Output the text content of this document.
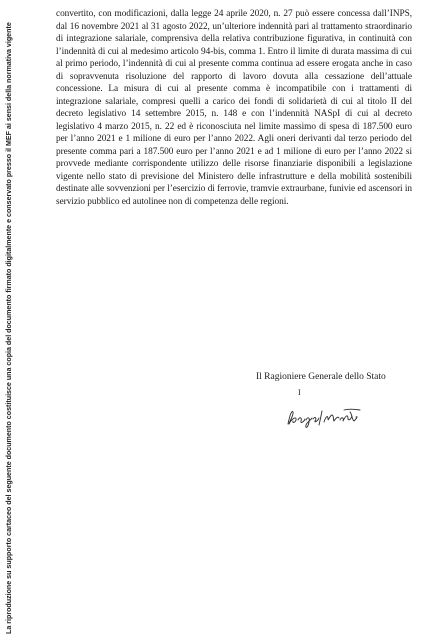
La riproduzione su supporto cartaceo del seguente documento costituisce una copia del documento firmato digitalmente e conservato presso il MEF ai sensi della normativa vigente

convertito, con modificazioni, dalla legge 24 aprile 2020, n. 27 può essere concessa dall’INPS, dal 16 novembre 2021 al 31 agosto 2022, un’ulteriore indennità pari al trattamento straordinario di integrazione salariale, comprensiva della relativa contribuzione figurativa, in continuità con l’indennità di cui al medesimo articolo 94-bis, comma 1. Entro il limite di durata massima di cui al primo periodo, l’indennità di cui al presente comma continua ad essere erogata anche in caso di sopravvenuta risoluzione del rapporto di lavoro dovuta alla cessazione dell’attuale concessione. La misura di cui al presente comma è incompatibile con i trattamenti di integrazione salariale, compresi quelli a carico dei fondi di solidarietà di cui al titolo II del decreto legislativo 14 settembre 2015, n. 148 e con l’indennità NASpI di cui al decreto legislativo 4 marzo 2015, n. 22 ed è riconosciuta nel limite massimo di spesa di 187.500 euro per l’anno 2021 e 1 milione di euro per l’anno 2022. Agli oneri derivanti dal terzo periodo del presente comma pari a 187.500 euro per l’anno 2021 e ad 1 milione di euro per l’anno 2022 si provvede mediante corrispondente utilizzo delle risorse finanziarie disponibili a legislazione vigente nello stato di previsione del Ministero delle infrastrutture e della mobilità sostenibili destinate alle sovvenzioni per l’esercizio di ferrovie, tramvie extraurbane, funivie ed ascensori in servizio pubblico ed autolinee non di competenza delle regioni.

Il Ragioniere Generale dello Stato
I
